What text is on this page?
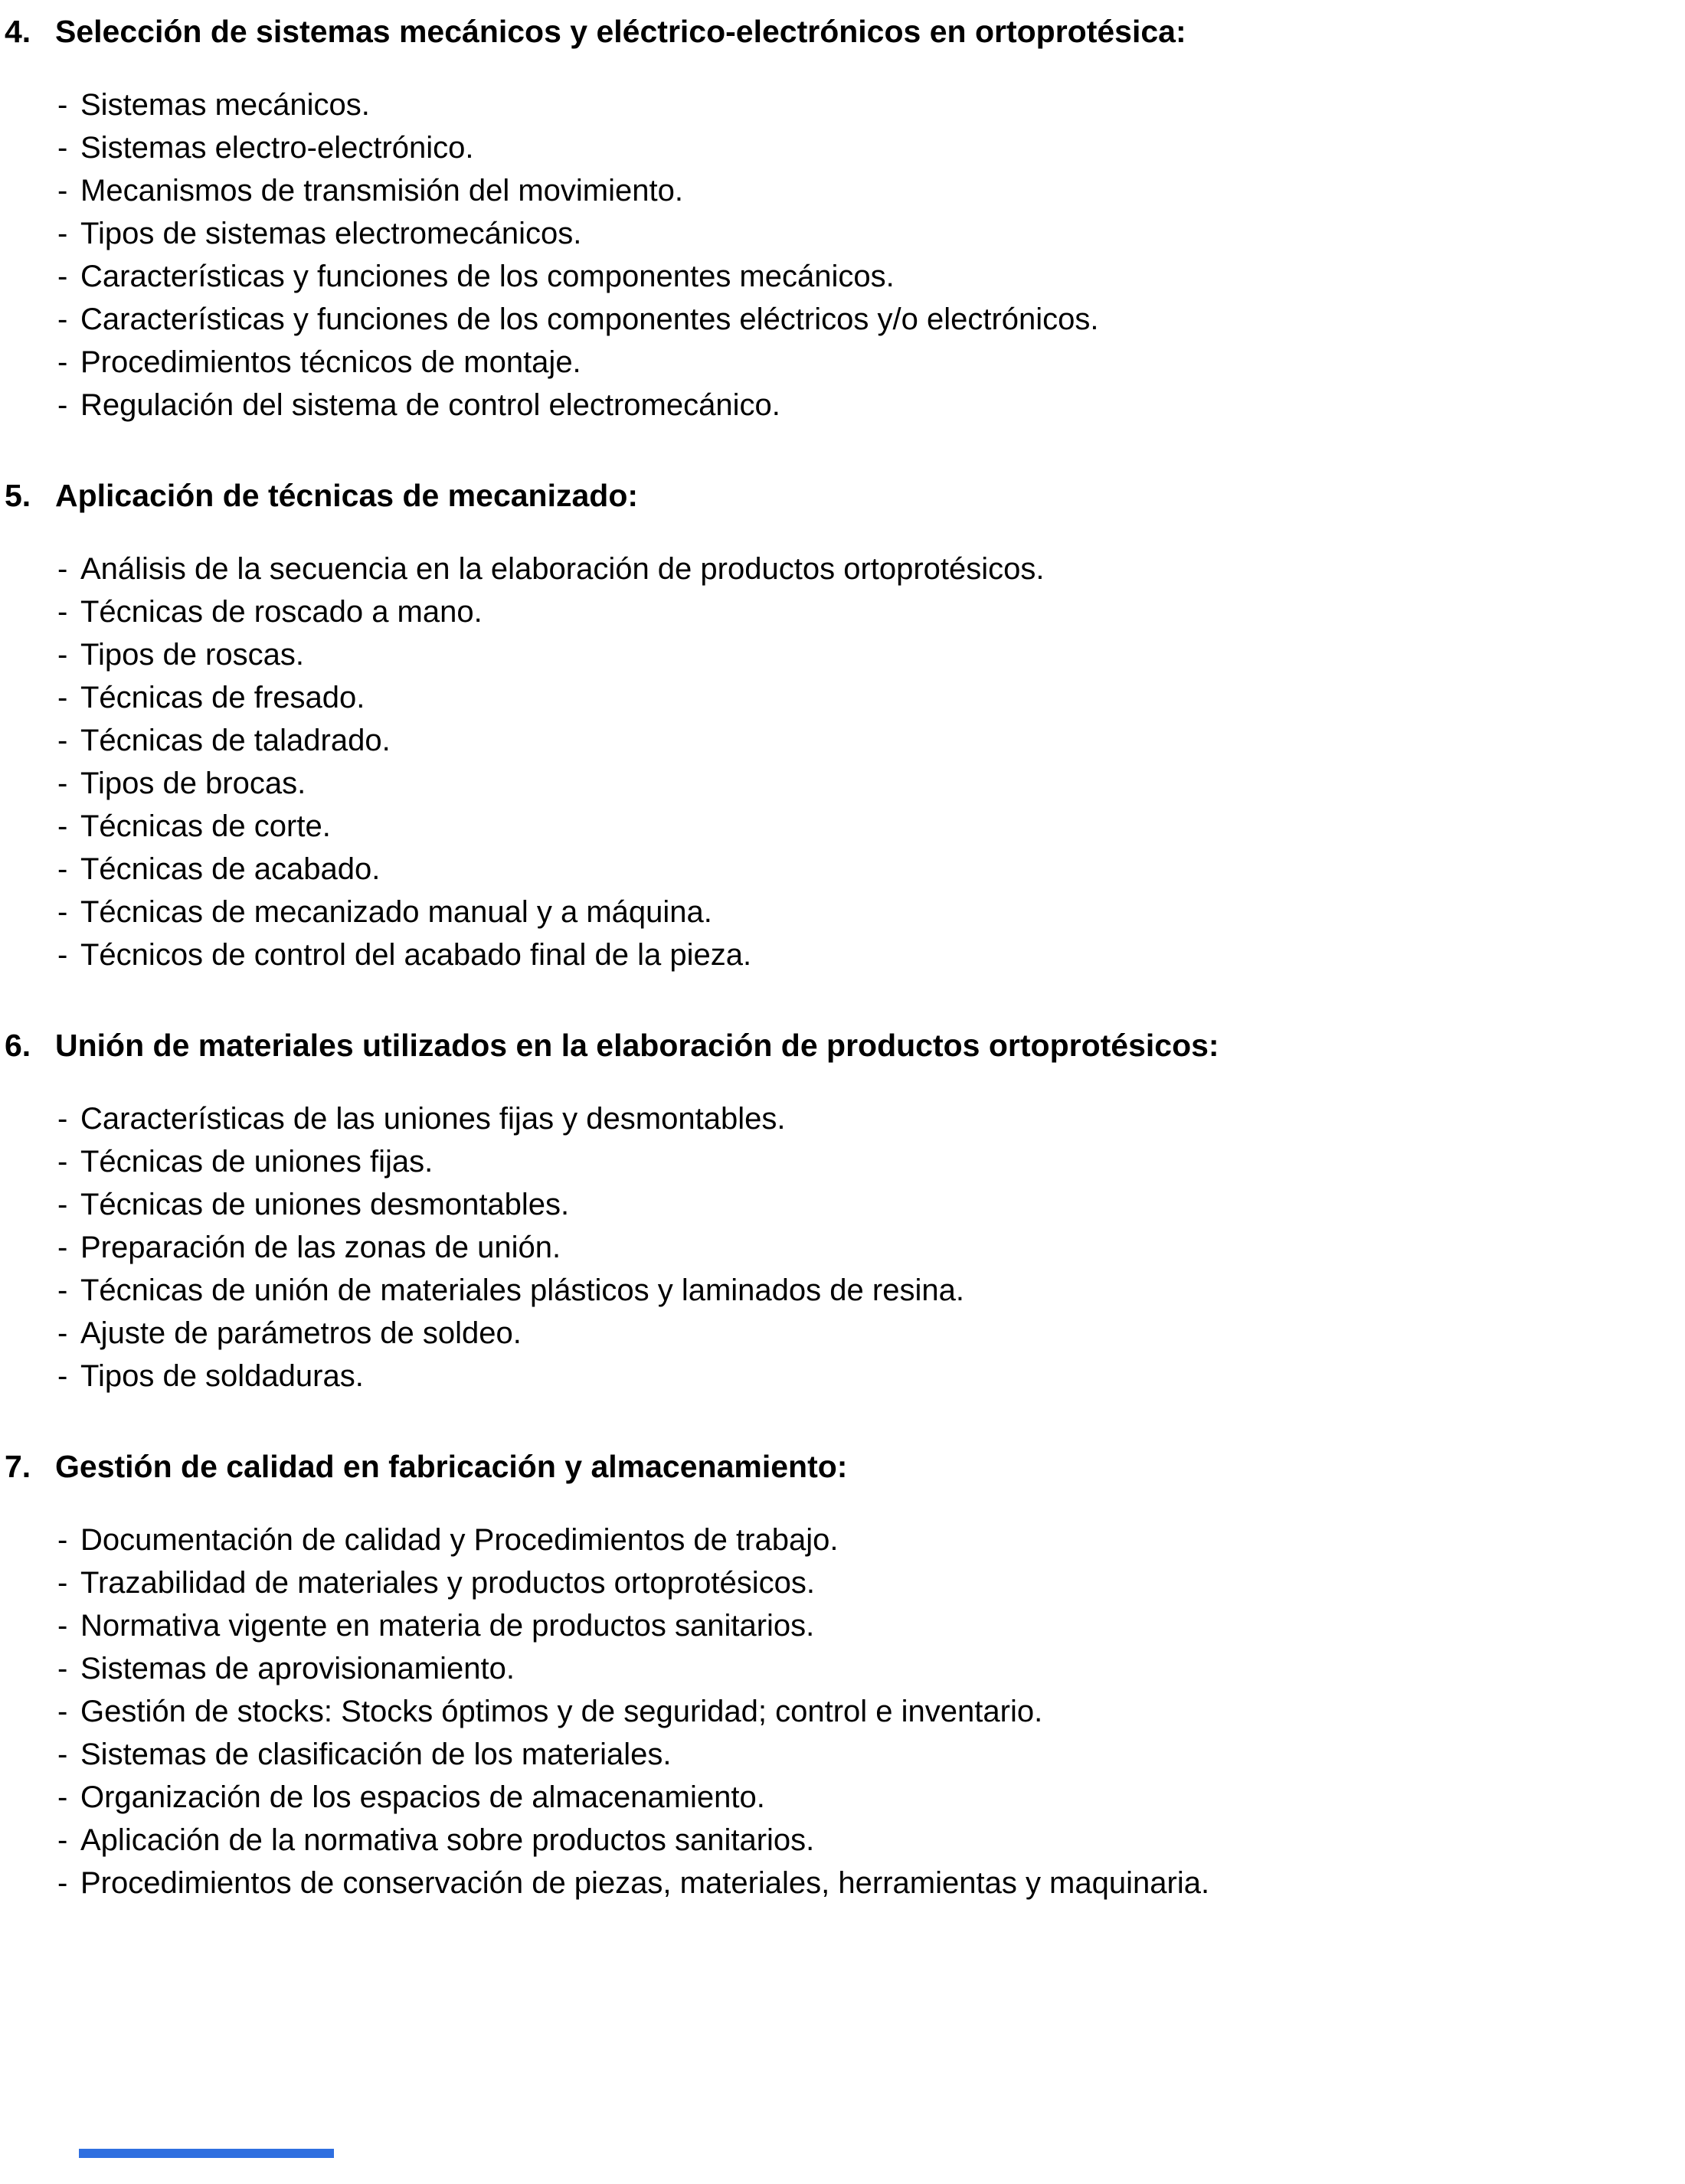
4. Selección de sistemas mecánicos y eléctrico-electrónicos en ortoprotésica:
- Sistemas mecánicos.
- Sistemas electro-electrónico.
- Mecanismos de transmisión del movimiento.
- Tipos de sistemas electromecánicos.
- Características y funciones de los componentes mecánicos.
- Características y funciones de los componentes eléctricos y/o electrónicos.
- Procedimientos técnicos de montaje.
- Regulación del sistema de control electromecánico.
5. Aplicación de técnicas de mecanizado:
- Análisis de la secuencia en la elaboración de productos ortoprotésicos.
- Técnicas de roscado a mano.
- Tipos de roscas.
- Técnicas de fresado.
- Técnicas de taladrado.
- Tipos de brocas.
- Técnicas de corte.
- Técnicas de acabado.
- Técnicas de mecanizado manual y a máquina.
- Técnicos de control del acabado final de la pieza.
6. Unión de materiales utilizados en la elaboración de productos ortoprotésicos:
- Características de las uniones fijas y desmontables.
- Técnicas de uniones fijas.
- Técnicas de uniones desmontables.
- Preparación de las zonas de unión.
- Técnicas de unión de materiales plásticos y laminados de resina.
- Ajuste de parámetros de soldeo.
- Tipos de soldaduras.
7. Gestión de calidad en fabricación y almacenamiento:
- Documentación de calidad y Procedimientos de trabajo.
- Trazabilidad de materiales y productos ortoprotésicos.
- Normativa vigente en materia de productos sanitarios.
- Sistemas de aprovisionamiento.
- Gestión de stocks: Stocks óptimos y de seguridad; control e inventario.
- Sistemas de clasificación de los materiales.
- Organización de los espacios de almacenamiento.
- Aplicación de la normativa sobre productos sanitarios.
- Procedimientos de conservación de piezas, materiales, herramientas y maquinaria.
